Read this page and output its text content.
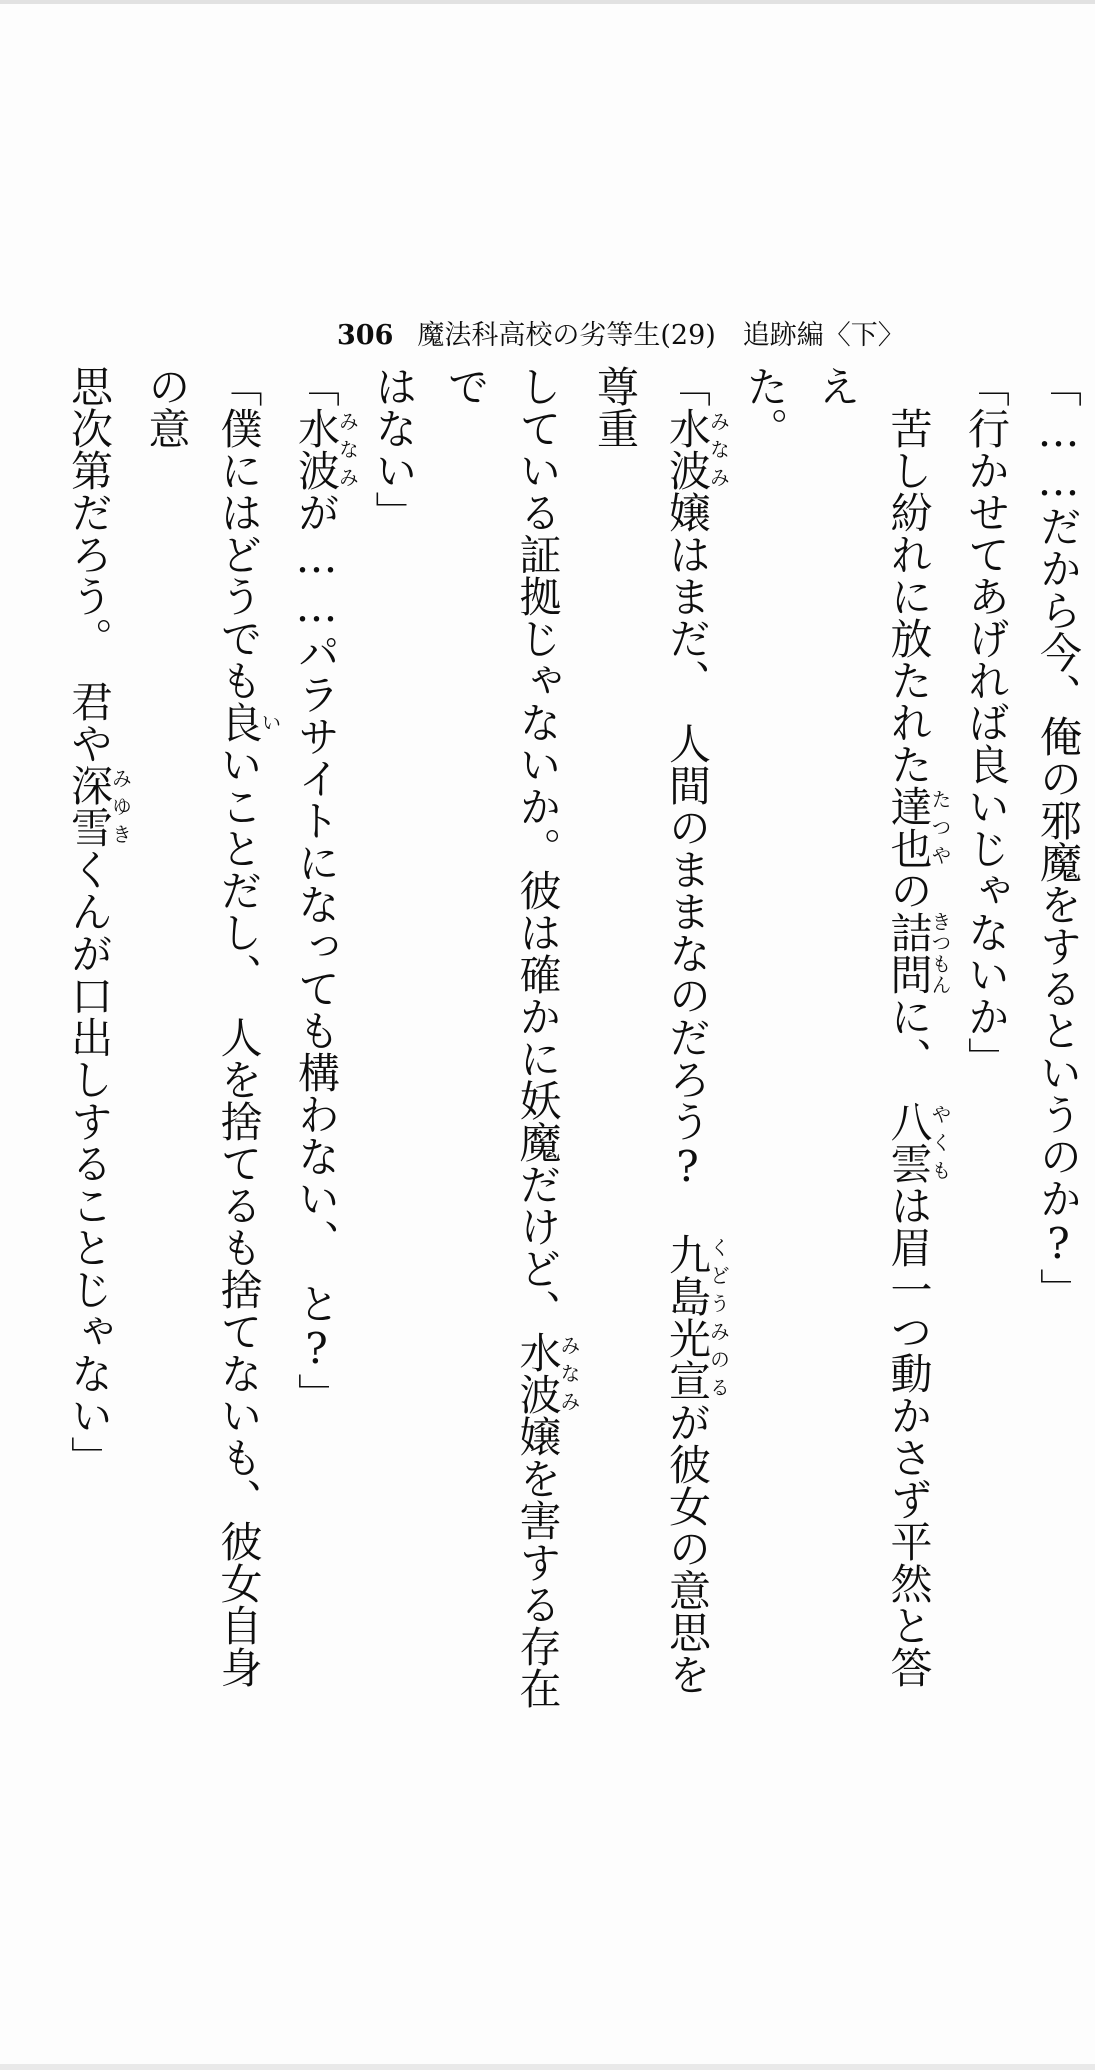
306 魔法科高校の劣等生(29)　追跡編〈下〉
「……だから今、俺の邪魔をするというのか?」
「行かせてあげれば良いじゃないか」
苦し紛れに放たれた達也たつやの詰問きつもんに、　八雲やくもは眉一つ動かさず平然と答え
た。
「水波みなみ嬢はまだ、　人間のままなのだろう?　九島光宣くどうみのるが彼女の意思を尊重
している証拠じゃないか。彼は確かに妖魔だけど、水波みなみ嬢を害する存在で
はない」
「水波みなみが……パラサイトになっても構わない、　と?」
「僕にはどうでも良いいことだし、　人を捨てるも捨てないも、彼女自身の意
思次第だろう。　君や深雪みゆきくんが口出しすることじゃない」
